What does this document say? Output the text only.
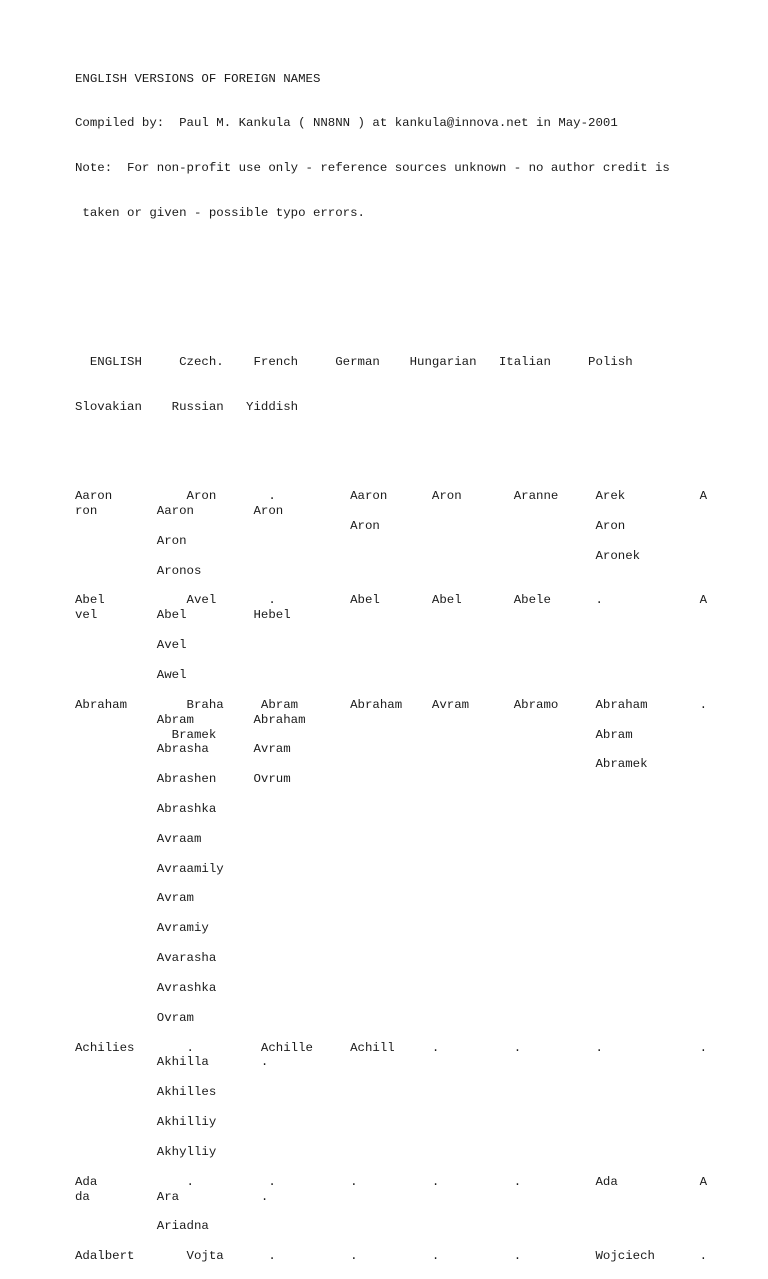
ENGLISH VERSIONS OF FOREIGN NAMES

Compiled by:  Paul M. Kankula ( NN8NN ) at kankula@innova.net in May-2001

Note:  For non-profit use only - reference sources unknown - no author credit is

taken or given - possible typo errors.

ENGLISH     Czech.    French     German    Hungarian   Italian     Polish

Slovakian    Russian   Yiddish

Aaron          Aron       .          Aaron      Aron       Aranne     Arek          A
ron        Aaron        Aron
Aron                             Aron
Aron
Aronek
Aronos

Abel           Avel       .          Abel       Abel       Abele      .             A
vel        Abel         Hebel

Avel

Awel

Abraham        Braha     Abram       Abraham    Avram      Abramo     Abraham       .
Abram        Abraham
Bramek                                                   Abram
Abrasha      Avram
Abramek
Abrashen     Ovrum

Abrashka

Avraam

Avraamily

Avram

Avramiy

Avarasha

Avrashka

Ovram

Achilies       .         Achille     Achill     .          .          .             .
Akhilla       .

Akhilles

Akhilliy

Akhylliy

Ada            .          .          .          .          .          Ada           A
da         Ara           .

Ariadna

Adalbert       Vojta      .          .          .          .          Wojciech      .
